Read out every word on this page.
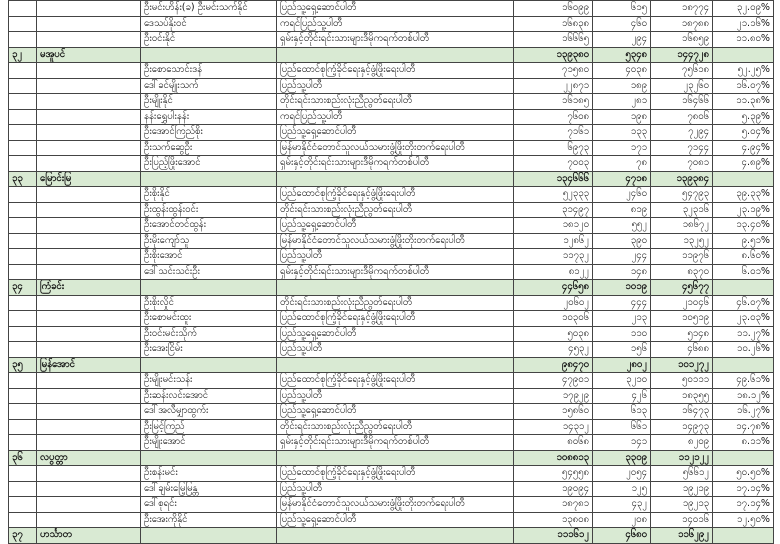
		ဦးမင်းဟိန်း(ခ) ဦးမင်းသက်နိုင်	ပြည်သူ့ရှေ့ဆောင်ပါတီ	၁၆၀၉၉	၆၁၅	၁၈၇၇၄	၃၂.၀၉%
		ဒေသပ်နိုးဝင်	ကရင်ပြည်သူ့ပါတီ	၁၆၈၃၈	၄၆၀	၁၈၇၈၈	၂၁.၁၆%
		ဦးဝင်းနိုင်	ရှမ်းနှင့်တိုင်းရင်းသားများဒီမိုကရက်တစ်ပါတီ	၁၆၆၆၅	၂၉၄	၁၆၈၅၉	၁၁.၈၀%
၃၂	မအူပင်			၁၃၉၃၈၀	၅၃၄၈	၁၄၄၇၂၈	
		ဦးစောသောင်းဒန်	ပြည်ထောင်စုကြံ့ခိုင်ရေးနှင့်ဖွံ့ဖြိုးရေးပါတီ	၇၁၅၈၀	၄၀၃၈	၇၅၆၁၈	၅၂.၂၅%
		ဒေါ်ခင်မျိုးသက်	ပြည်သူ့ပါတီ	၂၂၈၇၁	၁၈၉	၂၃၂၆၀	၁၆.၀၇%
		ဦးမျိုးနိုင်	တိုင်းရင်းသားစည်းလုံးညီညွတ်ရေးပါတီ	၁၆၁၈၅	၂၈၁	၁၆၄၆၆	၁၁.၃၈%
		နန်းရွှေပါးနန်း	ကရင်ပြည်သူ့ပါတီ	၇၆၀၈	၁၉၈	၇၈၀၆	၅.၃၉%
		ဦးအောင်ကြည်စိုး	ပြည်သူ့ရှေ့ဆောင်ပါတီ	၇၁၆၁	၁၃၃	၇၂၉၄	၅.၀၄%
		ဦးသက်ဆွေဦး	မြန်မာနိုင်ငံတောင်သူလယ်သမားဖွံ့ဖြိုးတိုးတက်ရေးပါတီ	၆၉၇၃	၁၇၁	၇၁၄၄	၄.၉၄%
		ဦးပြည့်ဖြိုးအောင်	ရှမ်းနှင့်တိုင်းရင်းသားများဒီမိုကရက်တစ်ပါတီ	၇၀၀၃	၇၈	၇၀၈၁	၄.၈၉%
၃၃	မြောင်းမြ			၁၃၄၆၆၆	၄၇၁၈	၁၃၉၃၈၄	
		ဦးစိုးနိုင်	ပြည်ထောင်စုကြံ့ခိုင်ရေးနှင့်ဖွံ့ဖြိုးရေးပါတီ	၅၂၃၃၃	၂၄၆၀	၅၄၇၉၃	၃၉.၃၃%
		ဦးထွန်းထွန်းဝင်း	တိုင်းရင်းသားစည်းလုံးညီညွတ်ရေးပါတီ	၃၁၄၉၇	၈၁၉	၃၂၃၁၆	၂၃.၁၉%
		ဦးအောင်တင်ထွန်း	ပြည်သူ့ရှေ့ဆောင်ပါတီ	၁၈၁၂၀	၅၅၂	၁၈၆၇၂	၁၃.၄၀%
		ဦးမိုးကျော်သူ	မြန်မာနိုင်ငံတောင်သူလယ်သမားဖွံ့ဖြိုးတိုးတက်ရေးပါတီ	၁၂၈၆၂	၃၉၀	၁၃၂၅၂	၉.၅၁%
		ဦးစိုးအောင်	ပြည်သူ့ပါတီ	၁၁၇၃၂	၂၄၄	၁၁၉၇၆	၈.၆၀%
		ဒေါ်သင်းသင်းဦး	ရှမ်းနှင့်တိုင်းရင်းသားများဒီမိုကရက်တစ်ပါတီ	၈၁၂၂	၁၄၈	၈၃၇၀	၆.၀၁%
၃၄	ကြံခင်း			၄၄၆၅၈	၁၀၁၉	၄၅၆၇၇	
		ဦးစိုးလှိုင်	တိုင်းရင်းသားစည်းလုံးညီညွတ်ရေးပါတီ	၂၀၆၀၂	၄၄၄	၂၁၀၄၆	၄၆.၀၇%
		ဦးစောမင်းထူး	ပြည်ထောင်စုကြံ့ခိုင်ရေးနှင့်ဖွံ့ဖြိုးရေးပါတီ	၁၀၃၀၆	၂၁၃	၁၀၅၁၉	၂၃.၀၃%
		ဦးဝင်းမင်းသိုက်	ပြည်သူ့ရှေ့ဆောင်ပါတီ	၅၀၃၈	၁၁၀	၅၁၄၈	၁၁.၂၇%
		ဦးအေးငြိမ်း	ပြည်သူ့ပါတီ	၄၅၃၂	၁၅၆	၄၆၈၈	၁၀.၂၆%
၃၅	မြန်အောင်			၉၈၄၇၀	၂၈၀၂	၁၀၁၂၇၂	
		ဦးမျိုးမင်းသန်း	ပြည်ထောင်စုကြံ့ခိုင်ရေးနှင့်ဖွံ့ဖြိုးရေးပါတီ	၄၇၉၀၁	၃၂၁၀	၅၀၁၁၁	၄၉.၆၁%
		ဦးဆန်းလင်းအောင်	ပြည်သူ့ပါတီ	၁၇၉၂၉	၄၂၆	၁၈၃၅၅	၁၈.၁၂%
		ဒေါ်အလီမျှာထွက်း	ပြည်သူ့ရှေ့ဆောင်ပါတီ	၁၅၈၆၀	၆၁၃	၁၆၄၇၃	၁၆.၂၇%
		ဦးမြင့်ကြည်	တိုင်းရင်းသားစည်းလုံးညီညွတ်ရေးပါတီ	၁၄၃၁၂	၆၆၁	၁၄၉၇၃	၁၄.၇၈%
		ဦးမျိုးအောင်	ရှမ်းနှင့်တိုင်းရင်းသားများဒီမိုကရက်တစ်ပါတီ	၈၀၆၈	၁၄၁	၈၂၀၉	၈.၁၁%
၃၆	လပွတ္တာ			၁၀၈၈၁၃	၃၃၀၉	၁၁၂၁၂၂	
		ဦးစန်းမင်း	ပြည်ထောင်စုကြံ့ခိုင်ရေးနှင့်ဖွံ့ဖြိုးရေးပါတီ	၅၄၅၅၈	၂၀၅၄	၅၆၆၁၂	၅၀.၅၀%
		ဒေါ်ချမ်းမြေ့မြန္တ	ပြည်သူ့ပါတီ	၁၉၀၉၄	၁၂၅	၁၉၂၁၉	၁၇.၁၄%
		ဒေါ်စုရင်း	မြန်မာနိုင်ငံတောင်သူလယ်သမားဖွံ့ဖြိုးတိုးတက်ရေးပါတီ	၁၈၇၈၁	၄၃၂	၁၉၂၁၃	၁၇.၁၄%
		ဦးအေးကိုနိုင်	ပြည်သူ့ရှေ့ဆောင်ပါတီ	၁၃၈၀၈	၂၀၈	၁၄၀၁၆	၁၂.၅၀%
၃၇	ဟင်္သာတ			၁၁၁၆၁၂	၄၆၈၀	၁၁၆၂၉၂	
